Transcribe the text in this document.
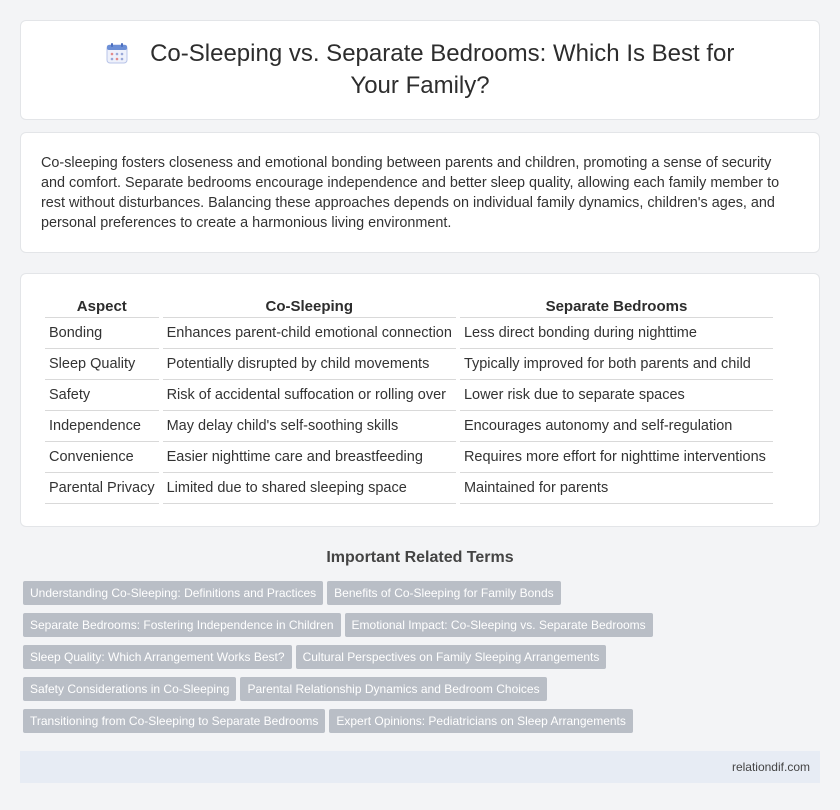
Co-Sleeping vs. Separate Bedrooms: Which Is Best for Your Family?

Co-sleeping fosters closeness and emotional bonding between parents and children, promoting a sense of security and comfort. Separate bedrooms encourage independence and better sleep quality, allowing each family member to rest without disturbances. Balancing these approaches depends on individual family dynamics, children's ages, and personal preferences to create a harmonious living environment.

Aspect	Co-Sleeping	Separate Bedrooms
Bonding	Enhances parent-child emotional connection	Less direct bonding during nighttime
Sleep Quality	Potentially disrupted by child movements	Typically improved for both parents and child
Safety	Risk of accidental suffocation or rolling over	Lower risk due to separate spaces
Independence	May delay child's self-soothing skills	Encourages autonomy and self-regulation
Convenience	Easier nighttime care and breastfeeding	Requires more effort for nighttime interventions
Parental Privacy	Limited due to shared sleeping space	Maintained for parents
Important Related Terms
Understanding Co-Sleeping: Definitions and Practices Benefits of Co-Sleeping for Family Bonds
Separate Bedrooms: Fostering Independence in Children Emotional Impact: Co-Sleeping vs. Separate Bedrooms
Sleep Quality: Which Arrangement Works Best? Cultural Perspectives on Family Sleeping Arrangements
Safety Considerations in Co-Sleeping Parental Relationship Dynamics and Bedroom Choices
Transitioning from Co-Sleeping to Separate Bedrooms Expert Opinions: Pediatricians on Sleep Arrangements
relationdif.com
